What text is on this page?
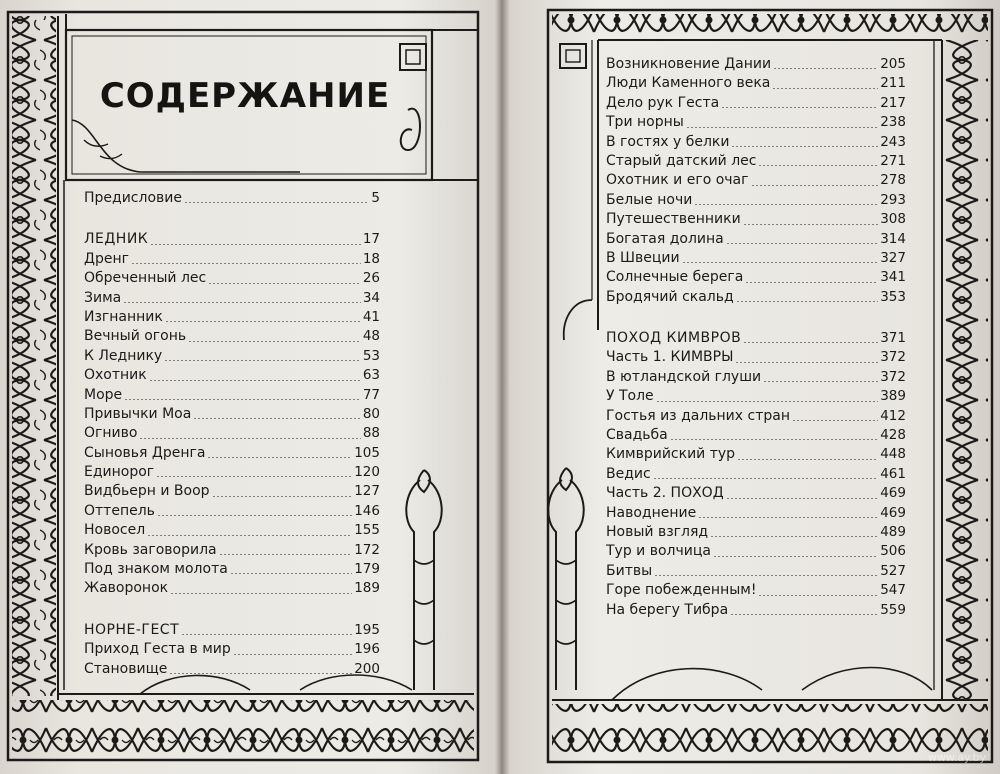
СОДЕРЖАНИЕ
Предисловие	5
ЛЕДНИК	17
Дренг	18
Обреченный лес	26
Зима	34
Изгнанник	41
Вечный огонь	48
К Леднику	53
Охотник	63
Море	77
Привычки Моа	80
Огниво	88
Сыновья Дренга	105
Единорог	120
Видбьерн и Воор	127
Оттепель	146
Новосел	155
Кровь заговорила	172
Под знаком молота	179
Жаворонок	189
НОРНЕ-ГЕСТ	195
Приход Геста в мир	196
Становище	200
Возникновение Дании	205
Люди Каменного века	211
Дело рук Геста	217
Три норны	238
В гостях у белки	243
Старый датский лес	271
Охотник и его очаг	278
Белые ночи	293
Путешественники	308
Богатая долина	314
В Швеции	327
Солнечные берега	341
Бродячий скальд	353
ПОХОД КИМВРОВ	371
Часть 1. КИМВРЫ	372
В ютландской глуши	372
У Толе	389
Гостья из дальних стран	412
Свадьба	428
Кимврийский тур	448
Ведис	461
Часть 2. ПОХОД	469
Наводнение	469
Новый взгляд	489
Тур и волчица	506
Битвы	527
Горе побежденным!	547
На берегу Тибра	559
www.ay.by
